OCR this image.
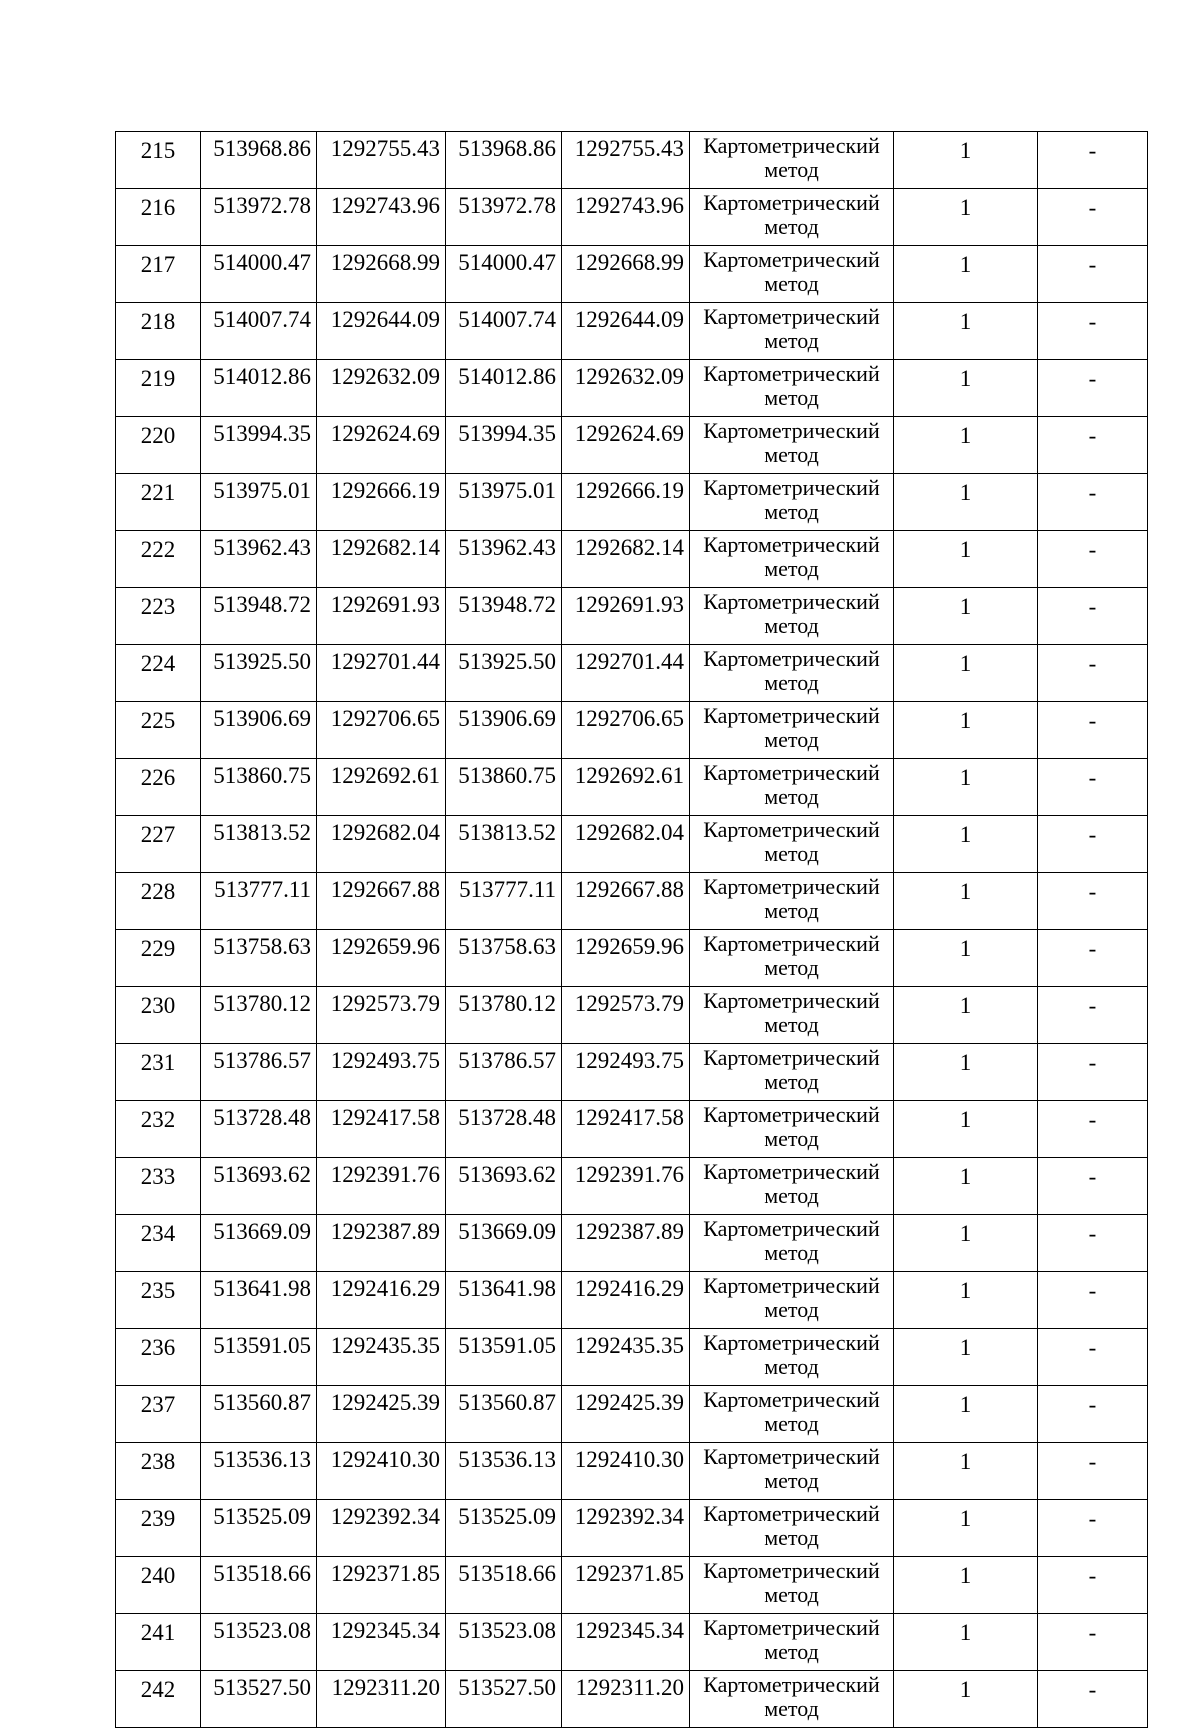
215	513968.86	1292755.43	513968.86	1292755.43	Картометрический метод	1	-
216	513972.78	1292743.96	513972.78	1292743.96	Картометрический метод	1	-
217	514000.47	1292668.99	514000.47	1292668.99	Картометрический метод	1	-
218	514007.74	1292644.09	514007.74	1292644.09	Картометрический метод	1	-
219	514012.86	1292632.09	514012.86	1292632.09	Картометрический метод	1	-
220	513994.35	1292624.69	513994.35	1292624.69	Картометрический метод	1	-
221	513975.01	1292666.19	513975.01	1292666.19	Картометрический метод	1	-
222	513962.43	1292682.14	513962.43	1292682.14	Картометрический метод	1	-
223	513948.72	1292691.93	513948.72	1292691.93	Картометрический метод	1	-
224	513925.50	1292701.44	513925.50	1292701.44	Картометрический метод	1	-
225	513906.69	1292706.65	513906.69	1292706.65	Картометрический метод	1	-
226	513860.75	1292692.61	513860.75	1292692.61	Картометрический метод	1	-
227	513813.52	1292682.04	513813.52	1292682.04	Картометрический метод	1	-
228	513777.11	1292667.88	513777.11	1292667.88	Картометрический метод	1	-
229	513758.63	1292659.96	513758.63	1292659.96	Картометрический метод	1	-
230	513780.12	1292573.79	513780.12	1292573.79	Картометрический метод	1	-
231	513786.57	1292493.75	513786.57	1292493.75	Картометрический метод	1	-
232	513728.48	1292417.58	513728.48	1292417.58	Картометрический метод	1	-
233	513693.62	1292391.76	513693.62	1292391.76	Картометрический метод	1	-
234	513669.09	1292387.89	513669.09	1292387.89	Картометрический метод	1	-
235	513641.98	1292416.29	513641.98	1292416.29	Картометрический метод	1	-
236	513591.05	1292435.35	513591.05	1292435.35	Картометрический метод	1	-
237	513560.87	1292425.39	513560.87	1292425.39	Картометрический метод	1	-
238	513536.13	1292410.30	513536.13	1292410.30	Картометрический метод	1	-
239	513525.09	1292392.34	513525.09	1292392.34	Картометрический метод	1	-
240	513518.66	1292371.85	513518.66	1292371.85	Картометрический метод	1	-
241	513523.08	1292345.34	513523.08	1292345.34	Картометрический метод	1	-
242	513527.50	1292311.20	513527.50	1292311.20	Картометрический метод	1	-
